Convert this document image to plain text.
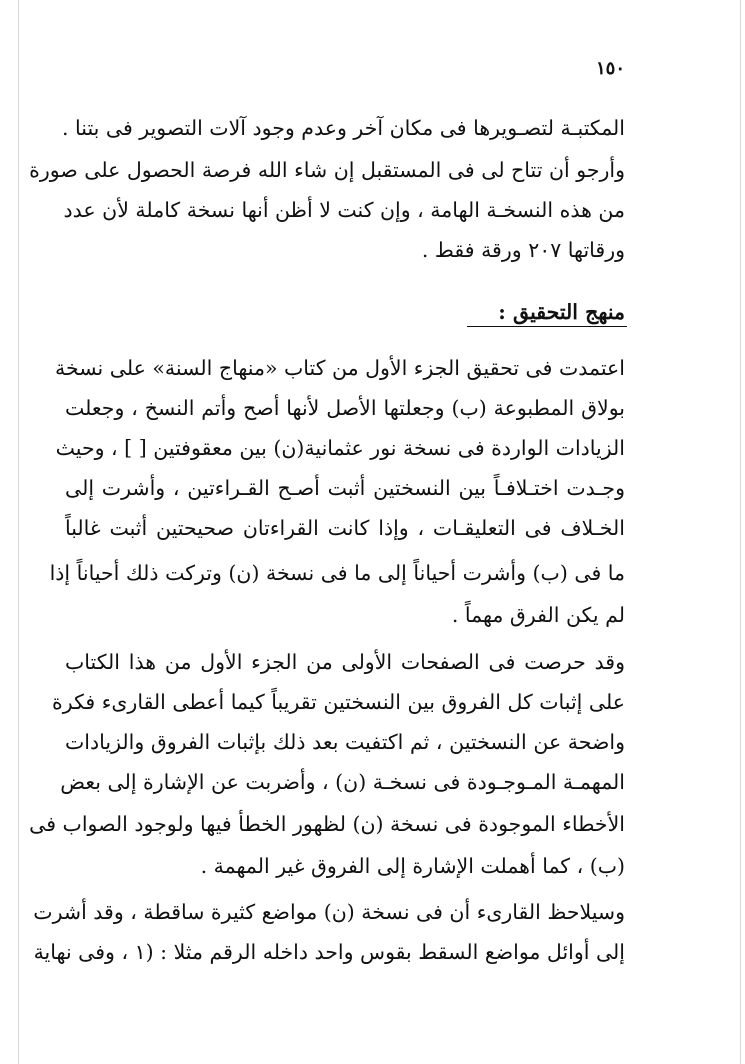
١٥٠
المكتبـة لتصـويرها فى مكان آخر وعدم وجود آلات التصوير فى بتنا .
وأرجو أن تتاح لى فى المستقبل إن شاء الله فرصة الحصول على صورة
من هذه النسخـة الهامة ، وإن كنت لا أظن أنها نسخة كاملة لأن عدد
ورقاتها ٢٠٧ ورقة فقط .
منهج التحقيق :
اعتمدت فى تحقيق الجزء الأول من كتاب «منهاج السنة» على نسخة
بولاق المطبوعة (ب) وجعلتها الأصل لأنها أصح وأتم النسخ ، وجعلت
الزيادات الواردة فى نسخة نور عثمانية(ن) بين معقوفتين [ ] ، وحيث
وجـدت اختـلافـاً بين النسختين أثبت أصـح القـراءتين ، وأشرت إلى
الخـلاف فى التعليقـات ، وإذا كانت القراءتان صحيحتين أثبت غالباً
ما فى (ب) وأشرت أحياناً إلى ما فى نسخة (ن) وتركت ذلك أحياناً إذا
لم يكن الفرق مهماً .
وقد حرصت فى الصفحات الأولى من الجزء الأول من هذا الكتاب
على إثبات كل الفروق بين النسختين تقريباً كيما أعطى القارىء فكرة
واضحة عن النسختين ، ثم اكتفيت بعد ذلك بإثبات الفروق والزيادات
المهمـة المـوجـودة فى نسخـة (ن) ، وأضربت عن الإشارة إلى بعض
الأخطاء الموجودة فى نسخة (ن) لظهور الخطأ فيها ولوجود الصواب فى
(ب) ، كما أهملت الإشارة إلى الفروق غير المهمة .
وسيلاحظ القارىء أن فى نسخة (ن) مواضع كثيرة ساقطة ، وقد أشرت
إلى أوائل مواضع السقط بقوس واحد داخله الرقم مثلا : (١ ، وفى نهاية
